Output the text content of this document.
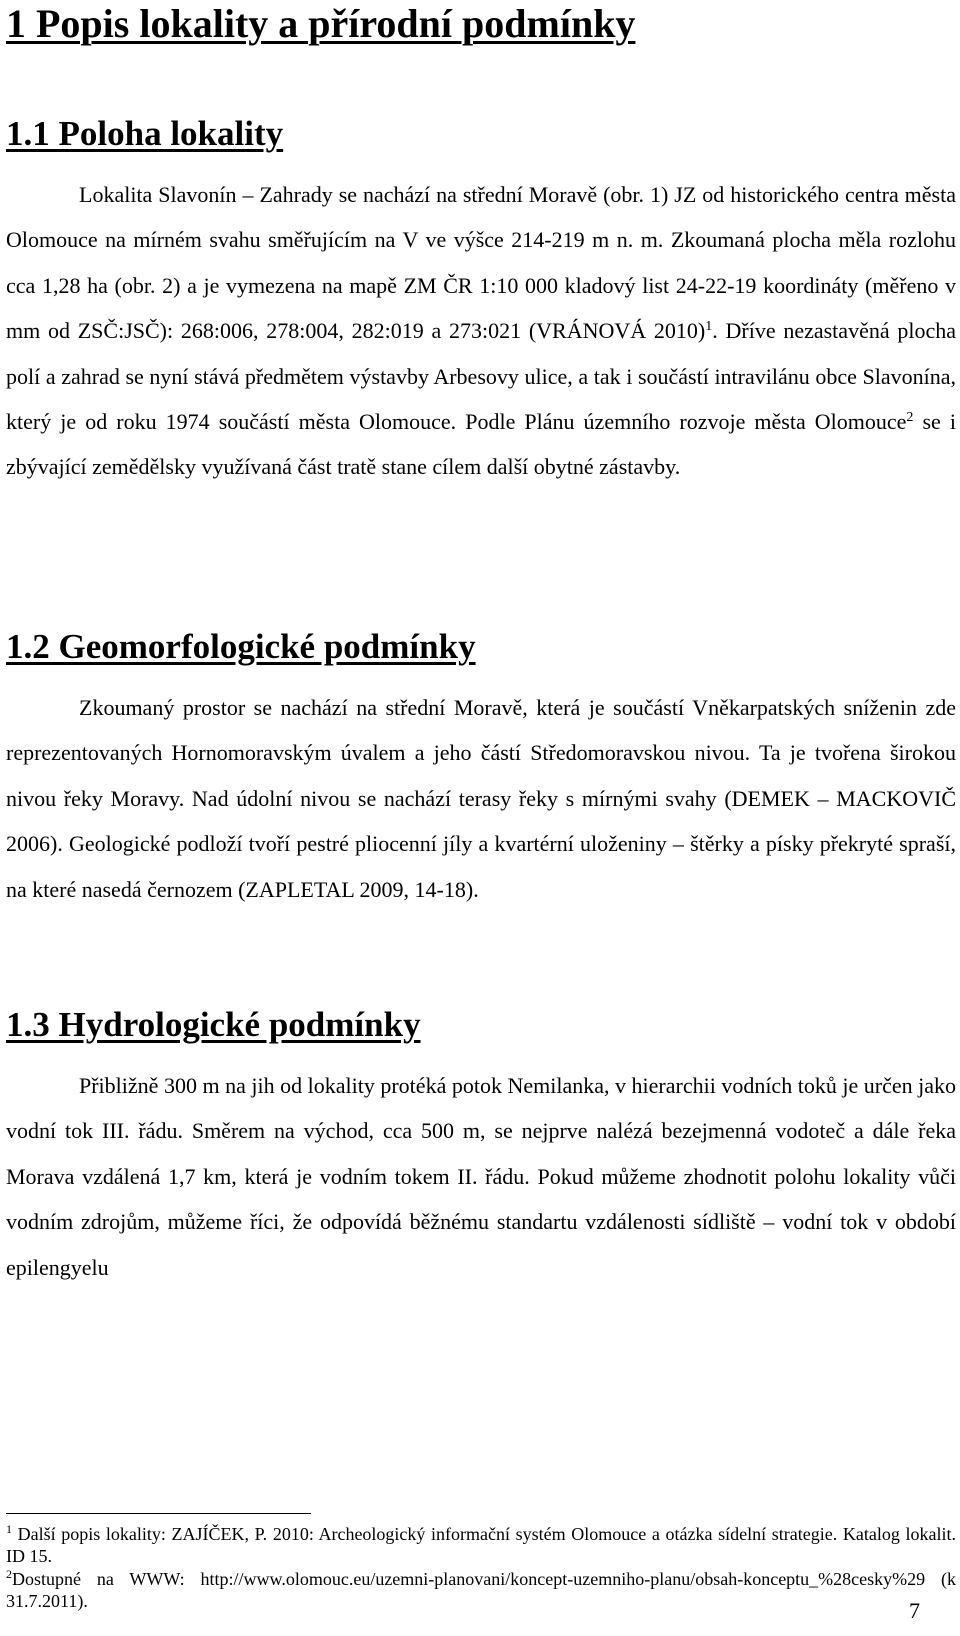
1 Popis lokality a přírodní podmínky
1.1 Poloha lokality

Lokalita Slavonín – Zahrady se nachází na střední Moravě (obr. 1) JZ od historického centra města Olomouce na mírném svahu směřujícím na V ve výšce 214-219 m n. m. Zkoumaná plocha měla rozlohu cca 1,28 ha (obr. 2) a je vymezena na mapě ZM ČR 1:10 000 kladový list 24-22-19 koordináty (měřeno v mm od ZSČ:JSČ): 268:006, 278:004, 282:019 a 273:021 (VRÁNOVÁ 2010)$^1$. Dříve nezastavěná plocha polí a zahrad se nyní stává předmětem výstavby Arbesovy ulice, a tak i součástí intravilánu obce Slavonína, který je od roku 1974 součástí města Olomouce. Podle Plánu územního rozvoje města Olomouce$^2$ se i zbývající zemědělsky využívaná část tratě stane cílem další obytné zástavby.

1.2 Geomorfologické podmínky

Zkoumaný prostor se nachází na střední Moravě, která je součástí Vněkarpatských sníženin zde reprezentovaných Hornomoravským úvalem a jeho částí Středomoravskou nivou. Ta je tvořena širokou nivou řeky Moravy. Nad údolní nivou se nachází terasy řeky s mírnými svahy (DEMEK – MACKOVIČ 2006). Geologické podloží tvoří pestré pliocenní jíly a kvartérní uloženiny – štěrky a písky překryté spraší, na které nasedá černozem (ZAPLETAL 2009, 14-18).

1.3 Hydrologické podmínky

Přibližně 300 m na jih od lokality protéká potok Nemilanka, v hierarchii vodních toků je určen jako vodní tok III. řádu. Směrem na východ, cca 500 m, se nejprve nalézá bezejmenná vodoteč a dále řeka Morava vzdálená 1,7 km, která je vodním tokem II. řádu. Pokud můžeme zhodnotit polohu lokality vůči vodním zdrojům, můžeme říci, že odpovídá běžnému standartu vzdálenosti sídliště – vodní tok v období epilengyelu

$^1$ Další popis lokality: ZAJÍČEK, P. 2010: Archeologický informační systém Olomouce a otázka sídelní strategie. Katalog lokalit. ID 15.

$^2$Dostupné na WWW: http://www.olomouc.eu/uzemni-planovani/koncept-uzemniho-planu/obsah-konceptu_%28cesky%29 (k 31.7.2011).	7
